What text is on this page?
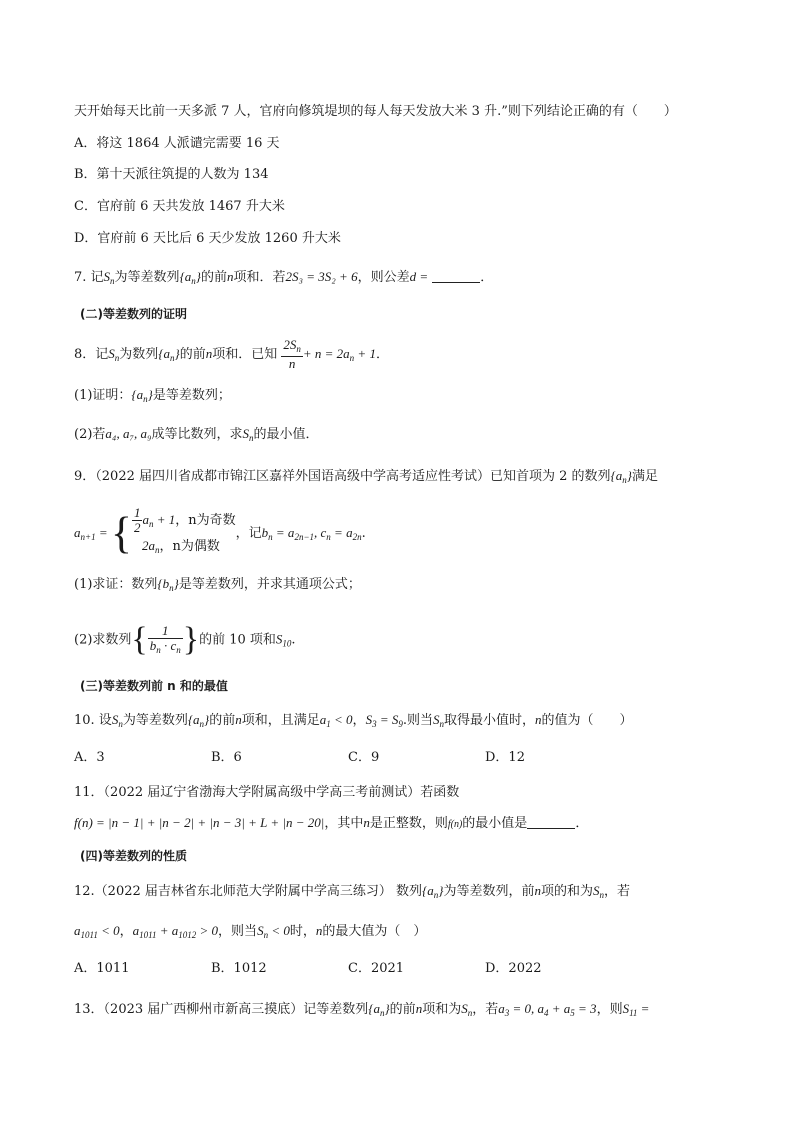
天开始每天比前一天多派 7 人，官府向修筑堤坝的每人每天发放大米 3 升.”则下列结论正确的有（　　）
A．将这 1864 人派谴完需要 16 天
B．第十天派往筑提的人数为 134
C．官府前 6 天共发放 1467 升大米
D．官府前 6 天比后 6 天少发放 1260 升大米
7. 记$S_n$为等差数列$\{a_n\}$的前n项和．若2S₃ = 3S₂ + 6，则公差d =	．
(二)等差数列的证明
8．记$S_n$为数列$\{a_n\}$的前n项和．已知 $\frac{2S_n}{n} + n = 2a_n + 1$．
(1)证明：$\{a_n\}$是等差数列；
(2)若a₄, a₇, a₉成等比数列，求$S_n$的最小值．
9．（2022 届四川省成都市锦江区嘉祥外国语高级中学高考适应性考试）已知首项为 2 的数列$\{a_n\}$满足
$a_{n+1}$ = { $\frac{1}{2} a_n + 1$，n为奇数
$2a_n$，n为偶数
，记$b_n = a_{2n-1}$, $c_n = a_{2n}$.
(1)求证：数列$\{b_n\}$是等差数列，并求其通项公式；
(2)求数列{ $\frac{1}{b_n \cdot c_n}$ }的前 10 项和$S_{10}$.
(三)等差数列前 n 和的最值
10. 设$S_n$为等差数列$\{a_n\}$的前n项和，且满足$a_1 < 0$，$S_3 = S_9$.则当$S_n$取得最小值时，n的值为（　　）
A．3	B．6	C．9	D．12
11．（2022 届辽宁省渤海大学附属高级中学高三考前测试）若函数
f(n) = |n − 1| + |n − 2| + |n − 3| + L + |n − 20|，其中n是正整数，则f(n)的最小值是	．
(四)等差数列的性质
12.（2022 届吉林省东北师范大学附属中学高三练习） 数列$\{a_n\}$为等差数列，前n项的和为$S_n$，若
$a_{1011} < 0$，$a_{1011} + a_{1012} > 0$，则当$S_n < 0$时，n的最大值为（　）
A．1011	B．1012	C．2021	D．2022
13．（2023 届广西柳州市新高三摸底）记等差数列$\{a_n\}$的前n项和为$S_n$，若$a_3 = 0$, $a_4 + a_5 = 3$，则$S_{11}$ =
